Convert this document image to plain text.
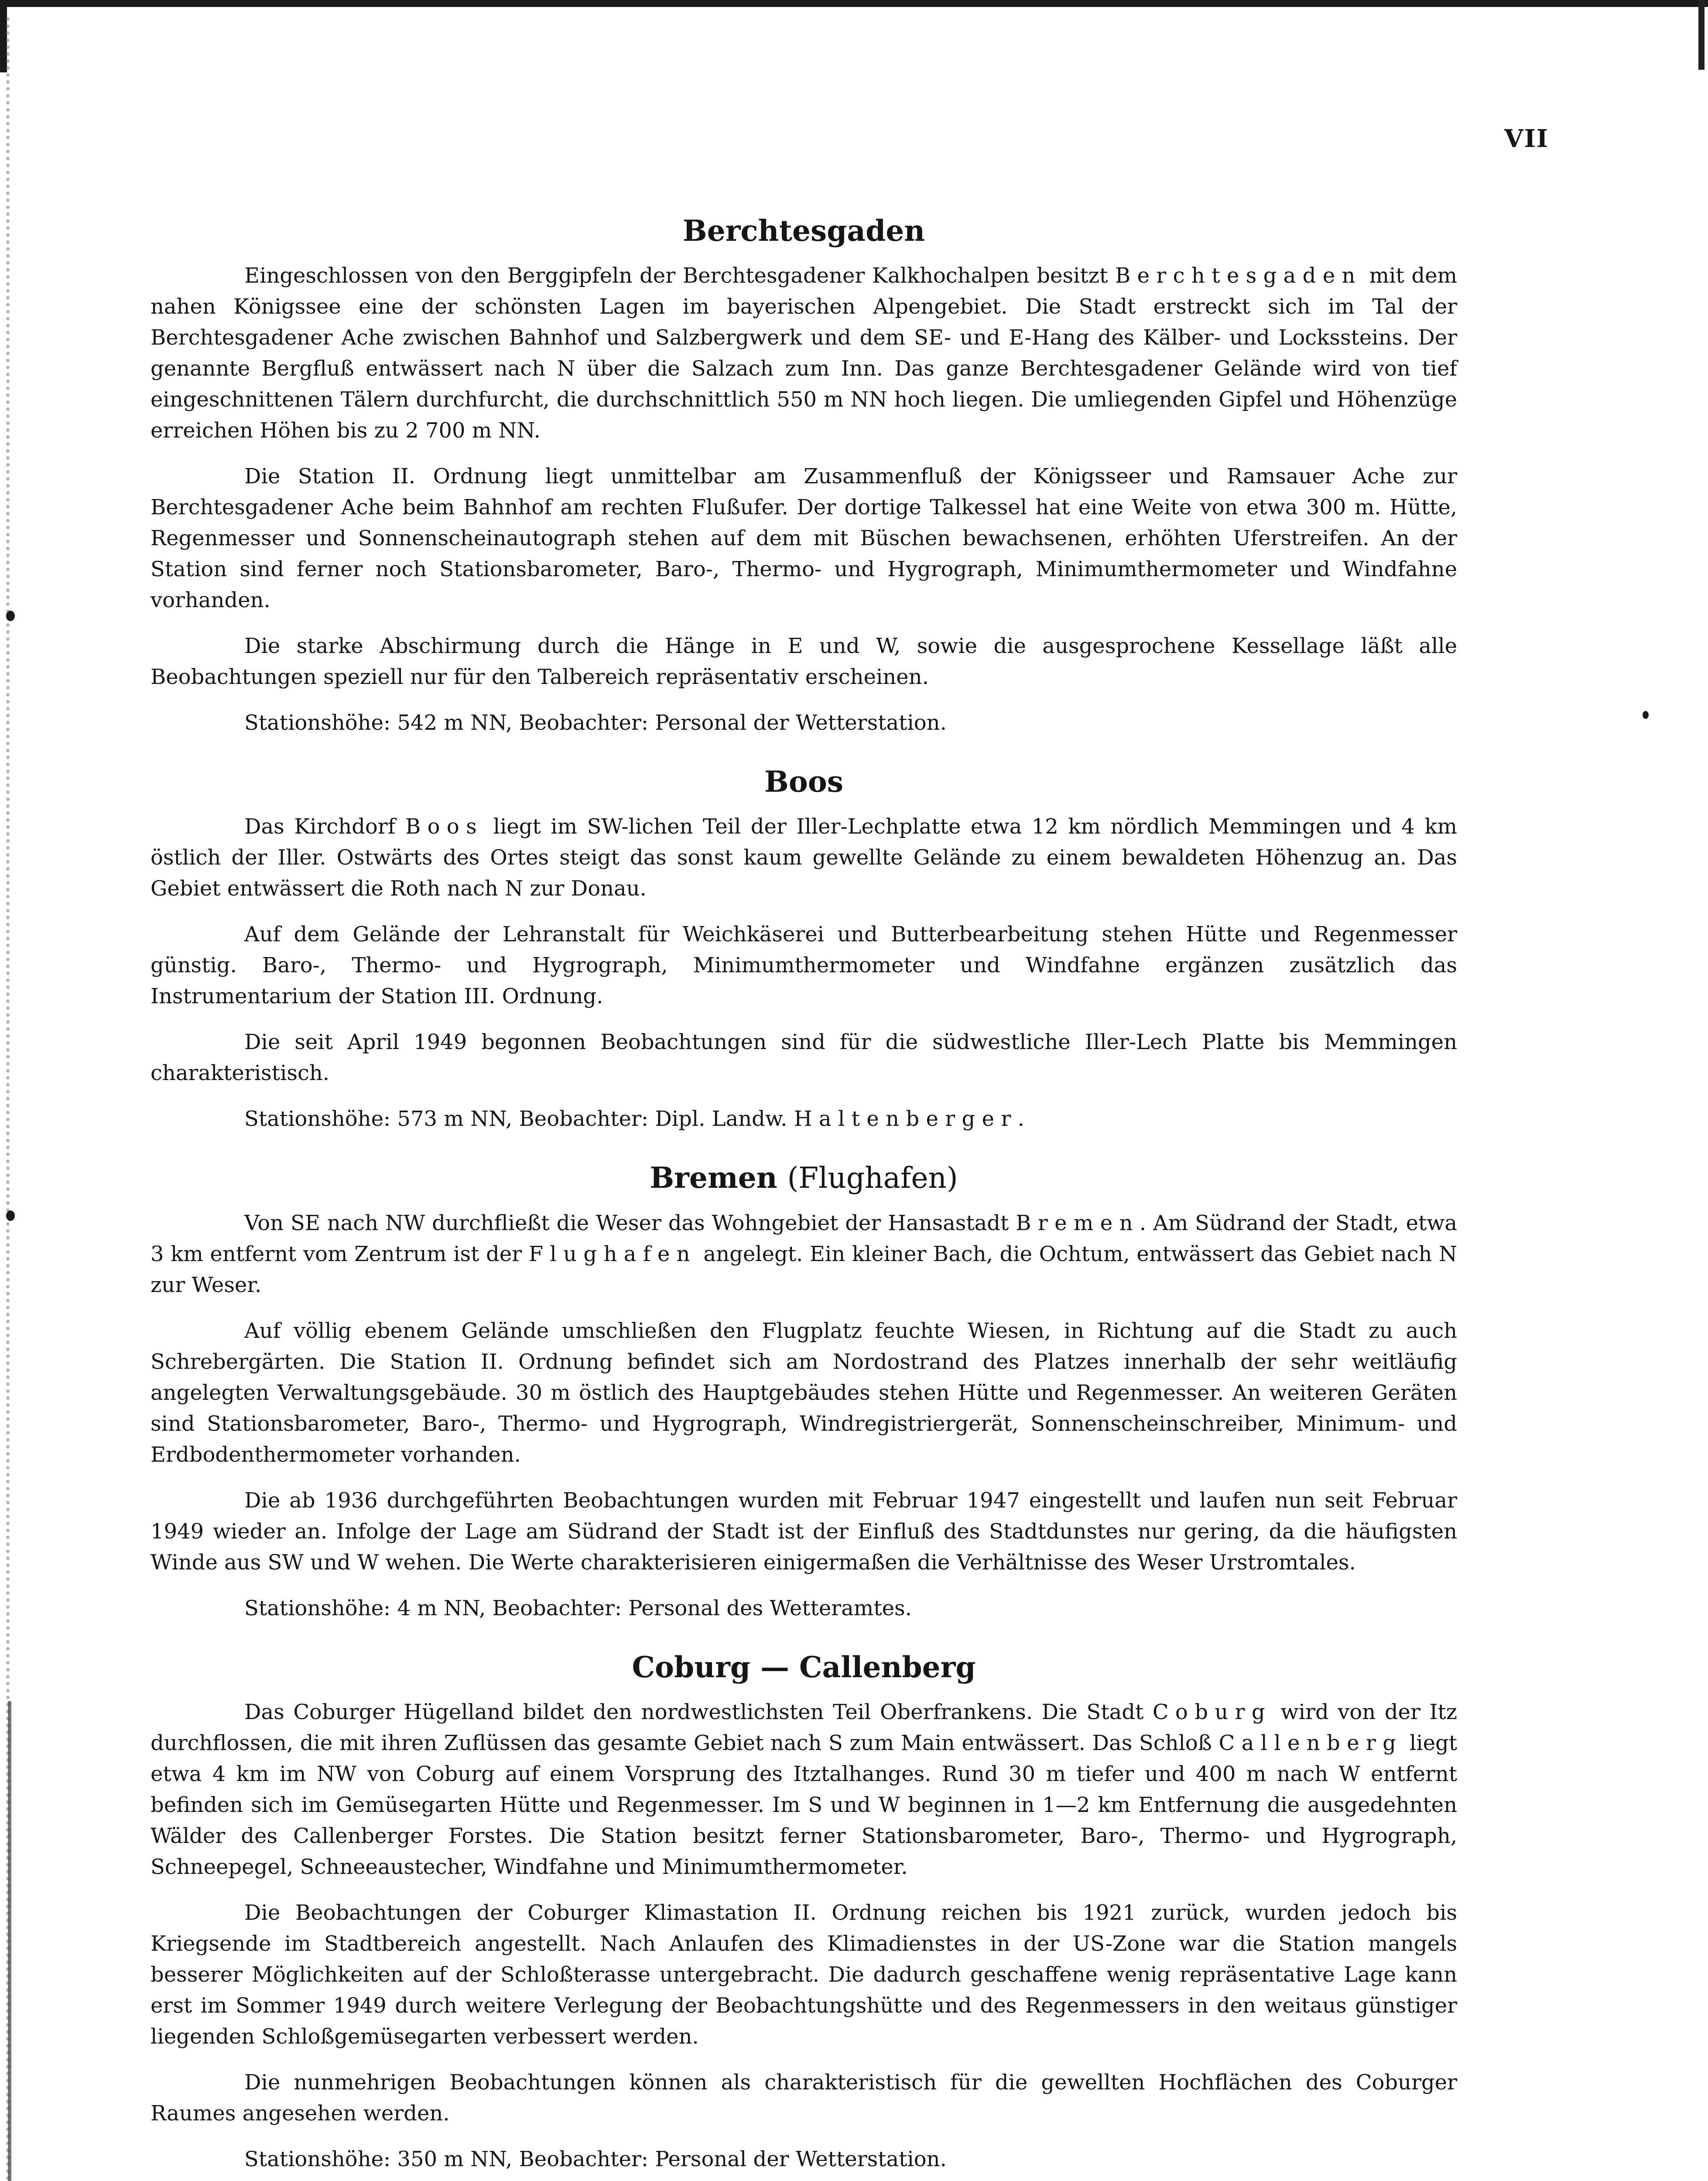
VII
Berchtesgaden

Eingeschlossen von den Berggipfeln der Berchtesgadener Kalkhochalpen besitzt Berchtesgaden mit dem nahen Königssee eine der schönsten Lagen im bayerischen Alpengebiet. Die Stadt erstreckt sich im Tal der Berchtesgadener Ache zwischen Bahnhof und Salzbergwerk und dem SE- und E-Hang des Kälber- und Lockssteins. Der genannte Bergfluß entwässert nach N über die Salzach zum Inn. Das ganze Berchtesgadener Gelände wird von tief eingeschnittenen Tälern durchfurcht, die durchschnittlich 550 m NN hoch liegen. Die umliegenden Gipfel und Höhenzüge erreichen Höhen bis zu 2 700 m NN.

Die Station II. Ordnung liegt unmittelbar am Zusammenfluß der Königsseer und Ramsauer Ache zur Berchtesgadener Ache beim Bahnhof am rechten Flußufer. Der dortige Talkessel hat eine Weite von etwa 300 m. Hütte, Regenmesser und Sonnenscheinautograph stehen auf dem mit Büschen bewachsenen, erhöhten Uferstreifen. An der Station sind ferner noch Stationsbarometer, Baro-, Thermo- und Hygrograph, Minimumthermometer und Windfahne vorhanden.

Die starke Abschirmung durch die Hänge in E und W, sowie die ausgesprochene Kessellage läßt alle Beobachtungen speziell nur für den Talbereich repräsentativ erscheinen.

Stationshöhe: 542 m NN, Beobachter: Personal der Wetterstation.

Boos

Das Kirchdorf Boos liegt im SW-lichen Teil der Iller-Lechplatte etwa 12 km nördlich Memmingen und 4 km östlich der Iller. Ostwärts des Ortes steigt das sonst kaum gewellte Gelände zu einem bewaldeten Höhenzug an. Das Gebiet entwässert die Roth nach N zur Donau.

Auf dem Gelände der Lehranstalt für Weichkäserei und Butterbearbeitung stehen Hütte und Regenmesser günstig. Baro-, Thermo- und Hygrograph, Minimumthermometer und Windfahne ergänzen zusätzlich das Instrumentarium der Station III. Ordnung.

Die seit April 1949 begonnen Beobachtungen sind für die südwestliche Iller-Lech Platte bis Memmingen charakteristisch.

Stationshöhe: 573 m NN, Beobachter: Dipl. Landw. Haltenberger.

Bremen (Flughafen)

Von SE nach NW durchfließt die Weser das Wohngebiet der Hansastadt Bremen. Am Südrand der Stadt, etwa 3 km entfernt vom Zentrum ist der Flughafen angelegt. Ein kleiner Bach, die Ochtum, entwässert das Gebiet nach N zur Weser.

Auf völlig ebenem Gelände umschließen den Flugplatz feuchte Wiesen, in Richtung auf die Stadt zu auch Schrebergärten. Die Station II. Ordnung befindet sich am Nordostrand des Platzes innerhalb der sehr weitläufig angelegten Verwaltungsgebäude. 30 m östlich des Hauptgebäudes stehen Hütte und Regenmesser. An weiteren Geräten sind Stationsbarometer, Baro-, Thermo- und Hygrograph, Windregistriergerät, Sonnenscheinschreiber, Minimum- und Erdbodenthermometer vorhanden.

Die ab 1936 durchgeführten Beobachtungen wurden mit Februar 1947 eingestellt und laufen nun seit Februar 1949 wieder an. Infolge der Lage am Südrand der Stadt ist der Einfluß des Stadtdunstes nur gering, da die häufigsten Winde aus SW und W wehen. Die Werte charakterisieren einigermaßen die Verhältnisse des Weser Urstromtales.

Stationshöhe: 4 m NN, Beobachter: Personal des Wetteramtes.

Coburg — Callenberg

Das Coburger Hügelland bildet den nordwestlichsten Teil Oberfrankens. Die Stadt Coburg wird von der Itz durchflossen, die mit ihren Zuflüssen das gesamte Gebiet nach S zum Main entwässert. Das Schloß Callenberg liegt etwa 4 km im NW von Coburg auf einem Vorsprung des Itztalhanges. Rund 30 m tiefer und 400 m nach W entfernt befinden sich im Gemüsegarten Hütte und Regenmesser. Im S und W beginnen in 1—2 km Entfernung die ausgedehnten Wälder des Callenberger Forstes. Die Station besitzt ferner Stationsbarometer, Baro-, Thermo- und Hygrograph, Schneepegel, Schneeaustecher, Windfahne und Minimumthermometer.

Die Beobachtungen der Coburger Klimastation II. Ordnung reichen bis 1921 zurück, wurden jedoch bis Kriegsende im Stadtbereich angestellt. Nach Anlaufen des Klimadienstes in der US-Zone war die Station mangels besserer Möglichkeiten auf der Schloßterasse untergebracht. Die dadurch geschaffene wenig repräsentative Lage kann erst im Sommer 1949 durch weitere Verlegung der Beobachtungshütte und des Regenmessers in den weitaus günstiger liegenden Schloßgemüsegarten verbessert werden.

Die nunmehrigen Beobachtungen können als charakteristisch für die gewellten Hochflächen des Coburger Raumes angesehen werden.

Stationshöhe: 350 m NN, Beobachter: Personal der Wetterstation.
